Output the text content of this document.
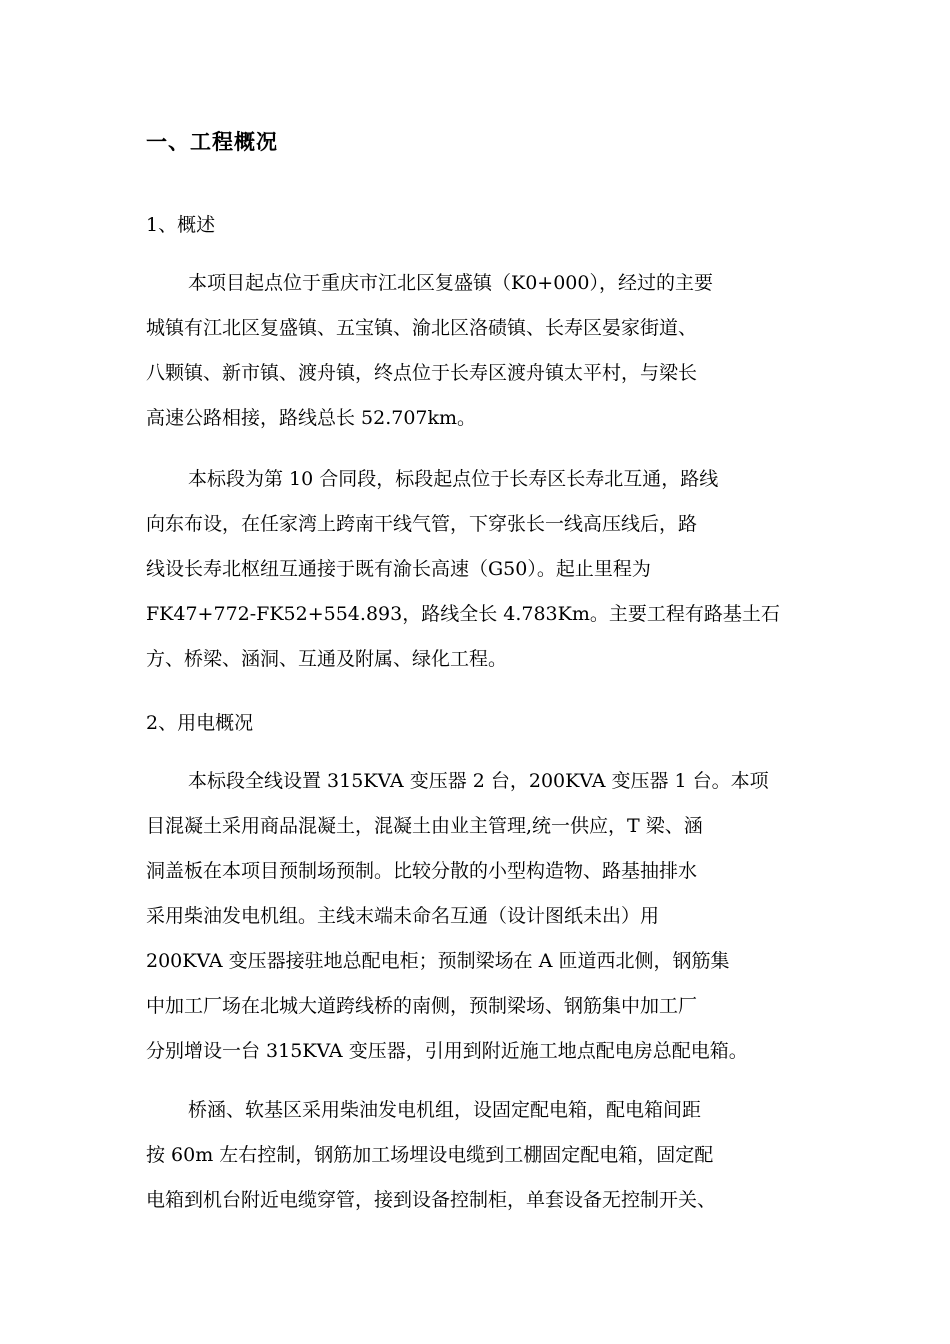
一、工程概况
1、概述
本项目起点位于重庆市江北区复盛镇（K0+000），经过的主要
城镇有江北区复盛镇、五宝镇、渝北区洛碛镇、长寿区晏家街道、
八颗镇、新市镇、渡舟镇，终点位于长寿区渡舟镇太平村，与梁长
高速公路相接，路线总长 52.707km。
本标段为第 10 合同段，标段起点位于长寿区长寿北互通，路线
向东布设，在任家湾上跨南干线气管，下穿张长一线高压线后，路
线设长寿北枢纽互通接于既有渝长高速（G50）。起止里程为
FK47+772-FK52+554.893，路线全长 4.783Km。主要工程有路基土石
方、桥梁、涵洞、互通及附属、绿化工程。
2、用电概况
本标段全线设置 315KVA 变压器 2 台，200KVA 变压器 1 台。本项
目混凝土采用商品混凝土，混凝土由业主管理,统一供应，T 梁、涵
洞盖板在本项目预制场预制。比较分散的小型构造物、路基抽排水
采用柴油发电机组。主线末端未命名互通（设计图纸未出）用
200KVA 变压器接驻地总配电柜；预制梁场在 A 匝道西北侧，钢筋集
中加工厂场在北城大道跨线桥的南侧，预制梁场、钢筋集中加工厂
分别增设一台 315KVA 变压器，引用到附近施工地点配电房总配电箱。
桥涵、软基区采用柴油发电机组，设固定配电箱，配电箱间距
按 60m 左右控制，钢筋加工场埋设电缆到工棚固定配电箱，固定配
电箱到机台附近电缆穿管，接到设备控制柜，单套设备无控制开关、
